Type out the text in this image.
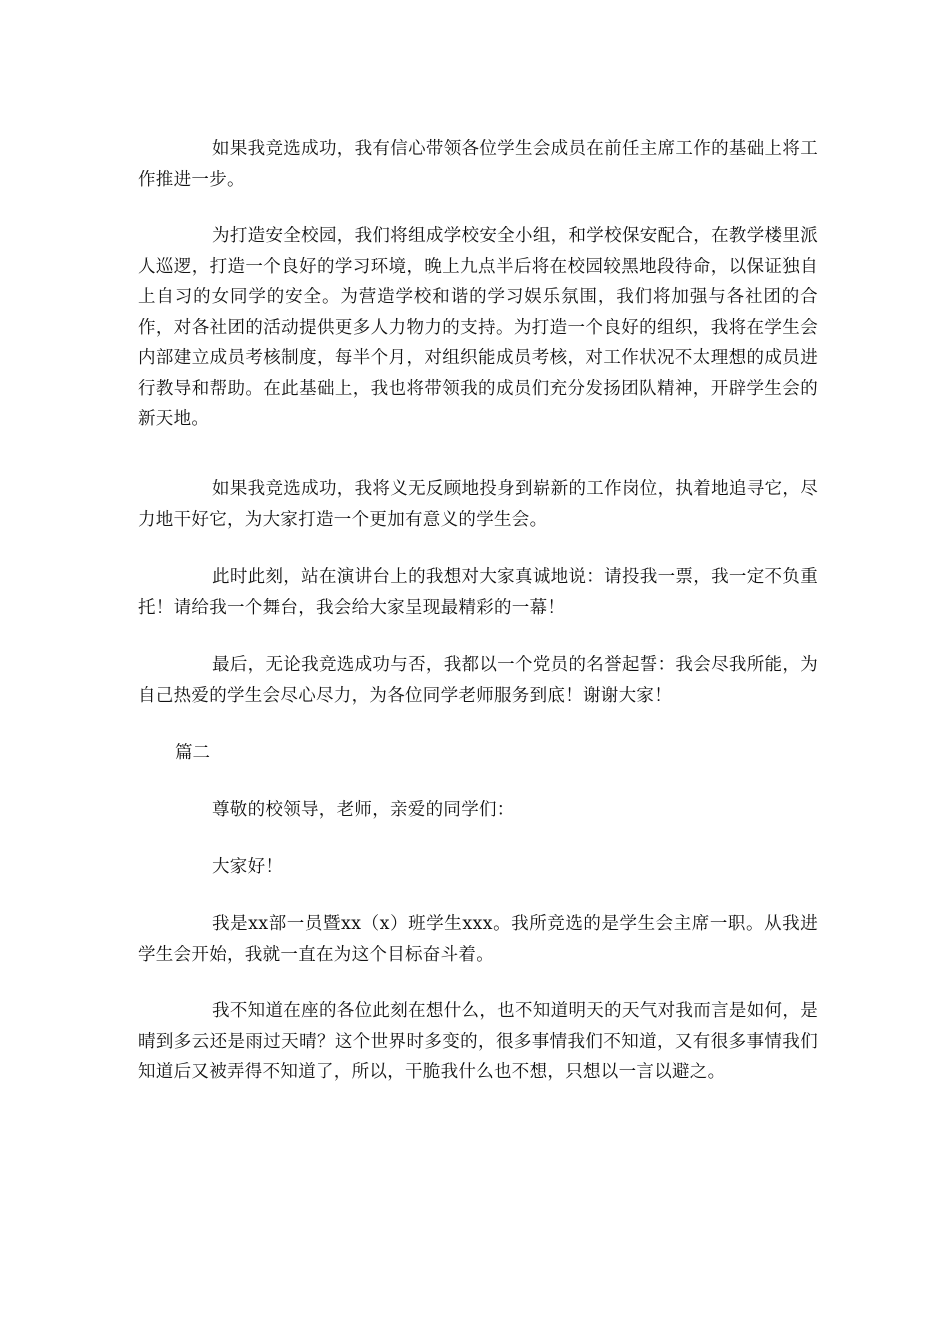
如果我竞选成功，我有信心带领各位学生会成员在前任主席工作的基础上将工作推进一步。

为打造安全校园，我们将组成学校安全小组，和学校保安配合，在教学楼里派人巡逻，打造一个良好的学习环境，晚上九点半后将在校园较黑地段待命，以保证独自上自习的女同学的安全。为营造学校和谐的学习娱乐氛围，我们将加强与各社团的合作，对各社团的活动提供更多人力物力的支持。为打造一个良好的组织，我将在学生会内部建立成员考核制度，每半个月，对组织能成员考核，对工作状况不太理想的成员进行教导和帮助。在此基础上，我也将带领我的成员们充分发扬团队精神，开辟学生会的新天地。

如果我竞选成功，我将义无反顾地投身到崭新的工作岗位，执着地追寻它，尽力地干好它，为大家打造一个更加有意义的学生会。

此时此刻，站在演讲台上的我想对大家真诚地说：请投我一票，我一定不负重托！请给我一个舞台，我会给大家呈现最精彩的一幕！

最后，无论我竞选成功与否，我都以一个党员的名誉起誓：我会尽我所能，为自己热爱的学生会尽心尽力，为各位同学老师服务到底！谢谢大家！

篇二

尊敬的校领导，老师，亲爱的同学们：

大家好！

我是xx部一员暨xx（x）班学生xxx。我所竞选的是学生会主席一职。从我进学生会开始，我就一直在为这个目标奋斗着。

我不知道在座的各位此刻在想什么，也不知道明天的天气对我而言是如何，是晴到多云还是雨过天晴？这个世界时多变的，很多事情我们不知道，又有很多事情我们知道后又被弄得不知道了，所以，干脆我什么也不想，只想以一言以避之。
